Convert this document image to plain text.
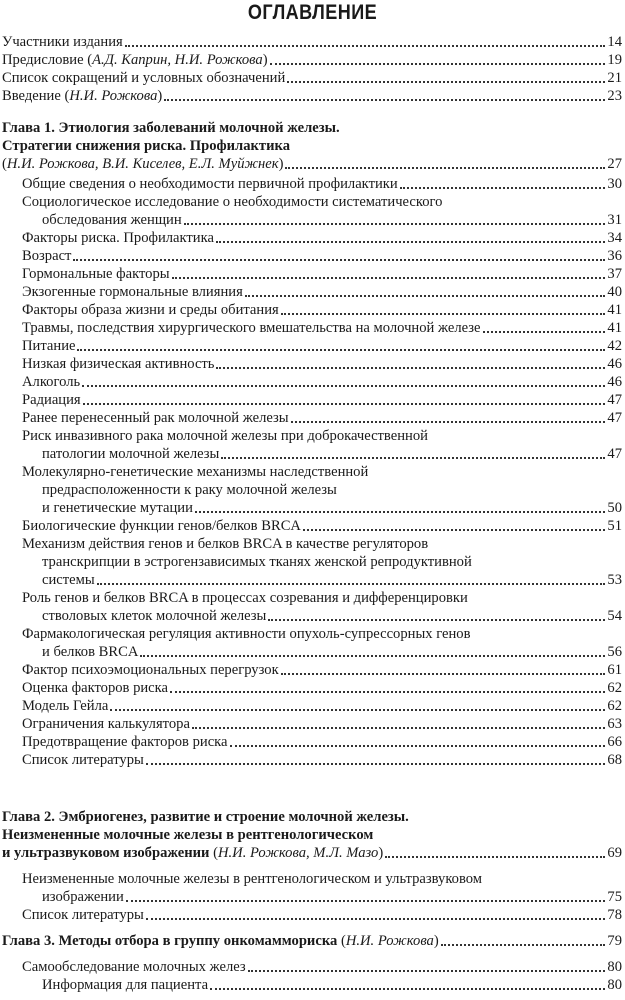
ОГЛАВЛЕНИЕ
Участники издания	14
Предисловие (А.Д. Каприн, Н.И. Рожкова)	19
Список сокращений и условных обозначений	21
Введение (Н.И. Рожкова)	23
Глава 1. Этиология заболеваний молочной железы.
Стратегии снижения риска. Профилактика
(Н.И. Рожкова, В.И. Киселев, Е.Л. Муйжнек)	27
Общие сведения о необходимости первичной профилактики	30
Социологическое исследование о необходимости систематического
обследования женщин	31
Факторы риска. Профилактика	34
Возраст	36
Гормональные факторы	37
Экзогенные гормональные влияния	40
Факторы образа жизни и среды обитания	41
Травмы, последствия хирургического вмешательства на молочной железе	41
Питание	42
Низкая физическая активность	46
Алкоголь	46
Радиация	47
Ранее перенесенный рак молочной железы	47
Риск инвазивного рака молочной железы при доброкачественной
патологии молочной железы	47
Молекулярно-генетические механизмы наследственной
предрасположенности к раку молочной железы
и генетические мутации	50
Биологические функции генов/белков BRCA	51
Механизм действия генов и белков BRCA в качестве регуляторов
транскрипции в эстрогензависимых тканях женской репродуктивной
системы	53
Роль генов и белков BRCA в процессах созревания и дифференцировки
стволовых клеток молочной железы	54
Фармакологическая регуляция активности опухоль-супрессорных генов
и белков BRCA	56
Фактор психоэмоциональных перегрузок	61
Оценка факторов риска	62
Модель Гейла	62
Ограничения калькулятора	63
Предотвращение факторов риска	66
Список литературы	68
Глава 2. Эмбриогенез, развитие и строение молочной железы.
Неизмененные молочные железы в рентгенологическом
и ультразвуковом изображении (Н.И. Рожкова, М.Л. Мазо)	69
Неизмененные молочные железы в рентгенологическом и ультразвуковом
изображении	75
Список литературы	78
Глава 3. Методы отбора в группу онкомаммориска (Н.И. Рожкова)	79
Самообследование молочных желез	80
Информация для пациента	80
